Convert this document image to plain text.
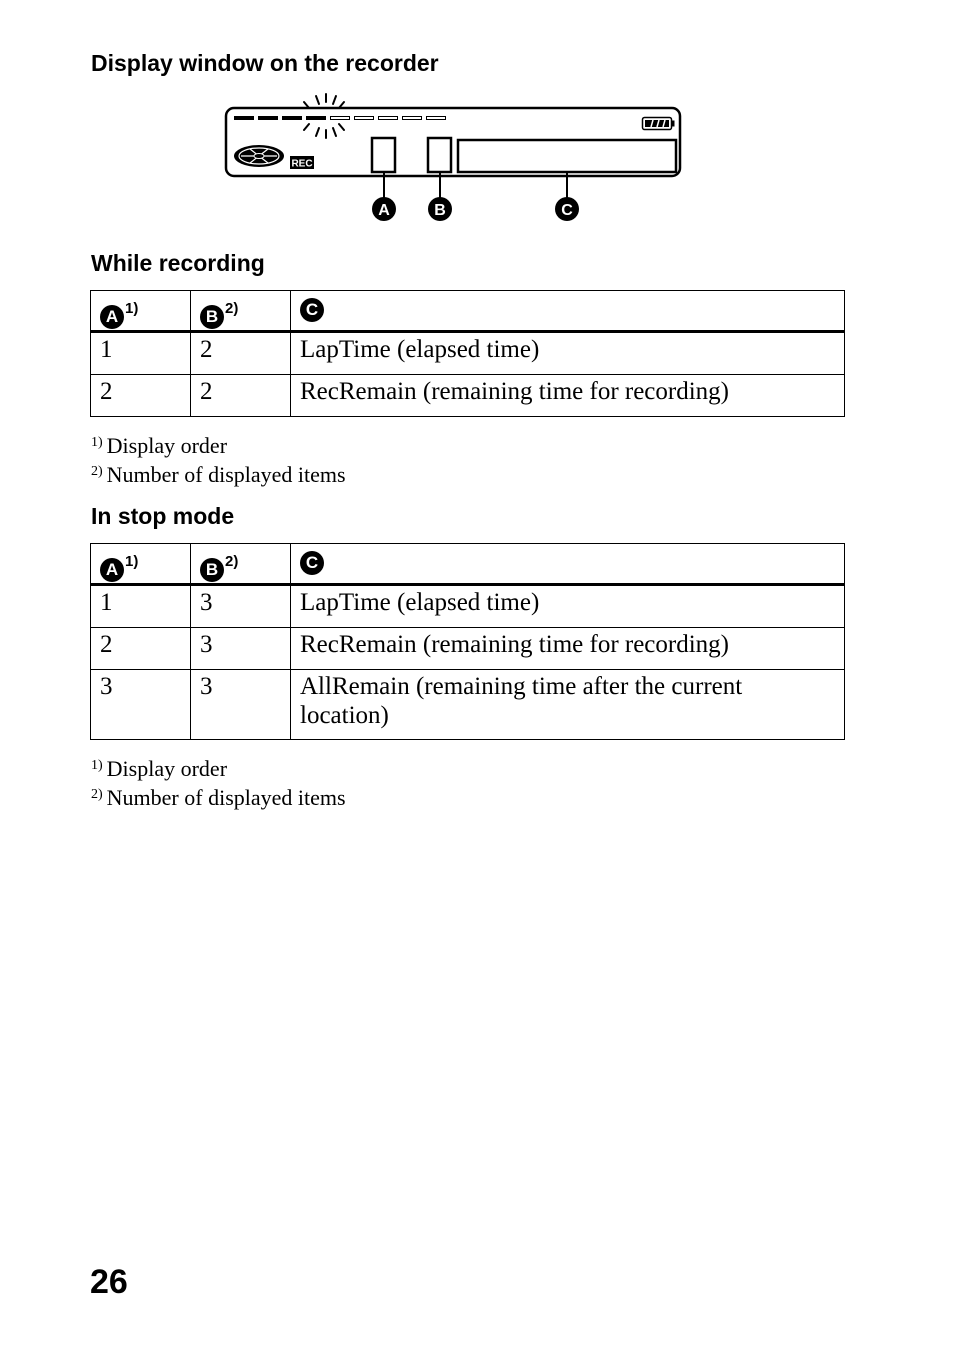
Display window on the recorder
REC
A	B	C
While recording
A $^{1)}$	B $^{2)}$	C
1	2	LapTime (elapsed time)
2	2	RecRemain (remaining time for recording)
$^{1)}$ Display order
$^{2)}$ Number of displayed items
In stop mode
A $^{1)}$	B $^{2)}$	C
1	3	LapTime (elapsed time)
2	3	RecRemain (remaining time for recording)
3	3	AllRemain (remaining time after the current location)
$^{1)}$ Display order
$^{2)}$ Number of displayed items

26
